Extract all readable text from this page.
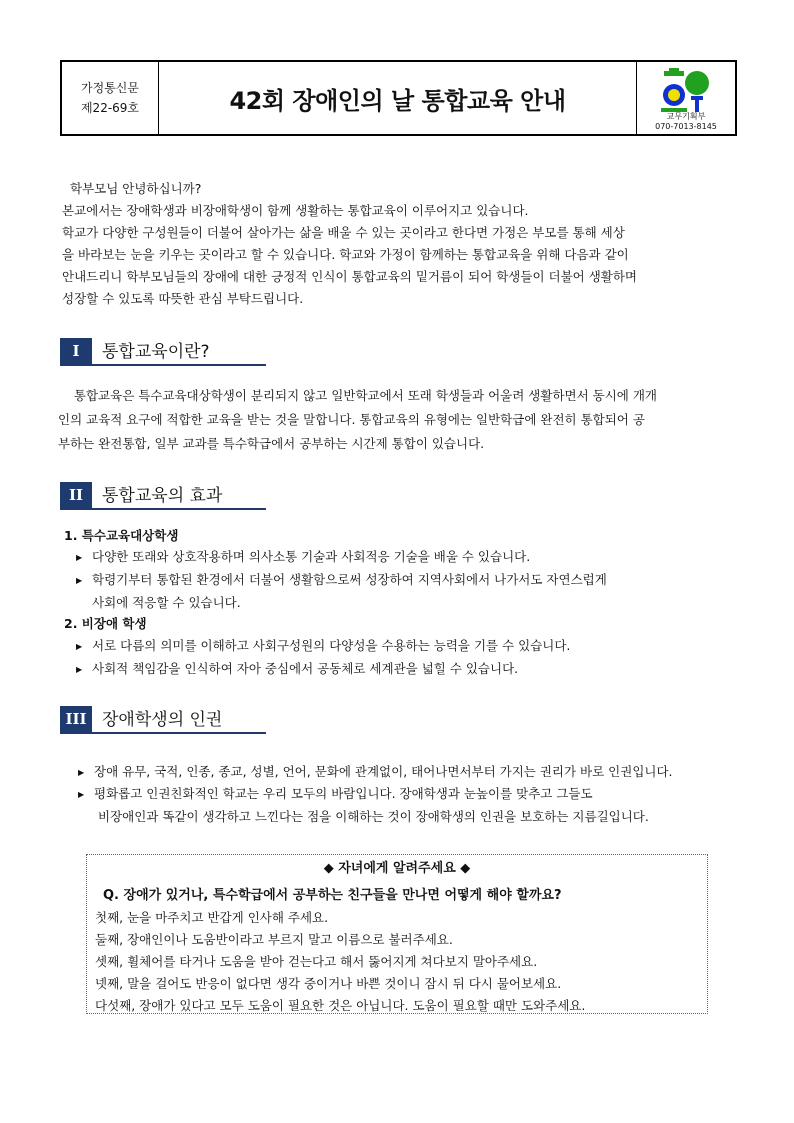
가정통신문
제22-69호	42회 장애인의 날 통합교육 안내
교무기획부
070-7013-8145
학부모님 안녕하십니까?
본교에서는 장애학생과 비장애학생이 함께 생활하는 통합교육이 이루어지고 있습니다.
학교가 다양한 구성원들이 더불어 살아가는 삶을 배울 수 있는 곳이라고 한다면 가정은 부모를 통해 세상
을 바라보는 눈을 키우는 곳이라고 할 수 있습니다. 학교와 가정이 함께하는 통합교육을 위해 다음과 같이
안내드리니 학부모님들의 장애에 대한 긍정적 인식이 통합교육의 밑거름이 되어 학생들이 더불어 생활하며
성장할 수 있도록 따뜻한 관심 부탁드립니다.
I	통합교육이란?
통합교육은 특수교육대상학생이 분리되지 않고 일반학교에서 또래 학생들과 어울려 생활하면서 동시에 개개
인의 교육적 요구에 적합한 교육을 받는 것을 말합니다. 통합교육의 유형에는 일반학급에 완전히 통합되어 공
부하는 완전통합, 일부 교과를 특수학급에서 공부하는 시간제 통합이 있습니다.
II	통합교육의 효과
1. 특수교육대상학생
▶ 다양한 또래와 상호작용하며 의사소통 기술과 사회적응 기술을 배울 수 있습니다.
▶ 학령기부터 통합된 환경에서 더불어 생활함으로써 성장하여 지역사회에서 나가서도 자연스럽게
사회에 적응할 수 있습니다.
2. 비장애 학생
▶ 서로 다름의 의미를 이해하고 사회구성원의 다양성을 수용하는 능력을 기를 수 있습니다.
▶ 사회적 책임감을 인식하여 자아 중심에서 공동체로 세계관을 넓힐 수 있습니다.
III 장애학생의 인권
▶ 장애 유무, 국적, 인종, 종교, 성별, 언어, 문화에 관계없이, 태어나면서부터 가지는 권리가 바로 인권입니다.
▶ 평화롭고 인권친화적인 학교는 우리 모두의 바람입니다. 장애학생과 눈높이를 맞추고 그들도
비장애인과 똑같이 생각하고 느낀다는 점을 이해하는 것이 장애학생의 인권을 보호하는 지름길입니다.
◆ 자녀에게 알려주세요 ◆
Q. 장애가 있거나, 특수학급에서 공부하는 친구들을 만나면 어떻게 해야 할까요?
첫째, 눈을 마주치고 반갑게 인사해 주세요.
둘째, 장애인이나 도움반이라고 부르지 말고 이름으로 불러주세요.
셋째, 휠체어를 타거나 도움을 받아 걷는다고 해서 뚫어지게 쳐다보지 말아주세요.
넷째, 말을 걸어도 반응이 없다면 생각 중이거나 바쁜 것이니 잠시 뒤 다시 물어보세요.
다섯째, 장애가 있다고 모두 도움이 필요한 것은 아닙니다. 도움이 필요할 때만 도와주세요.
